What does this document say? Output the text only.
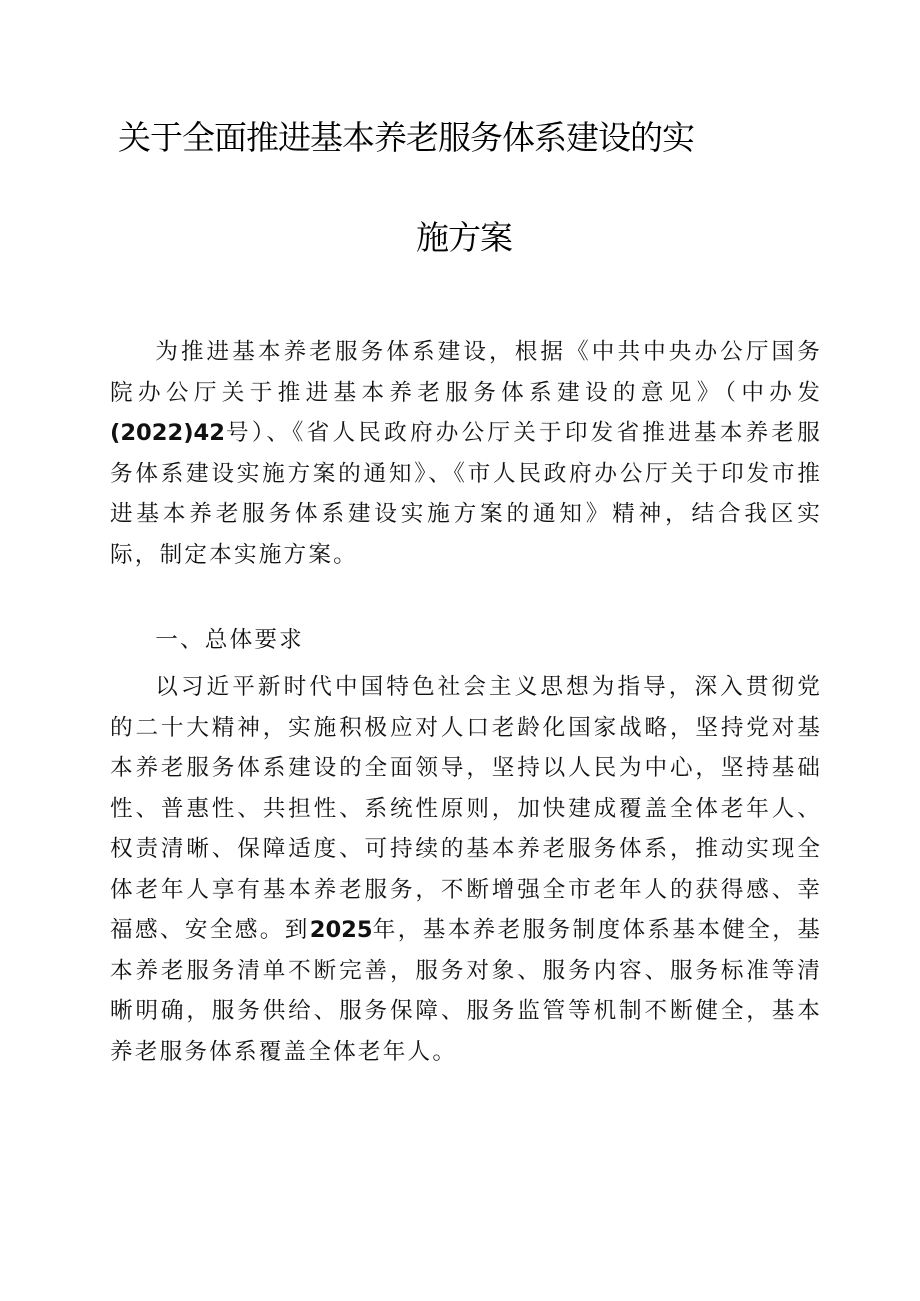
关于全面推进基本养老服务体系建设的实
施方案

为推进基本养老服务体系建设，根据《中共中央办公厅国务院办公厅关于推进基本养老服务体系建设的意见》（中办发(2022)42号）、《省人民政府办公厅关于印发省推进基本养老服务体系建设实施方案的通知》、《市人民政府办公厅关于印发市推进基本养老服务体系建设实施方案的通知》精神，结合我区实际，制定本实施方案。

一、总体要求

以习近平新时代中国特色社会主义思想为指导，深入贯彻党的二十大精神，实施积极应对人口老龄化国家战略，坚持党对基本养老服务体系建设的全面领导，坚持以人民为中心，坚持基础性、普惠性、共担性、系统性原则，加快建成覆盖全体老年人、权责清晰、保障适度、可持续的基本养老服务体系，推动实现全体老年人享有基本养老服务，不断增强全市老年人的获得感、幸福感、安全感。到2025年，基本养老服务制度体系基本健全，基本养老服务清单不断完善，服务对象、服务内容、服务标准等清晰明确，服务供给、服务保障、服务监管等机制不断健全，基本养老服务体系覆盖全体老年人。
